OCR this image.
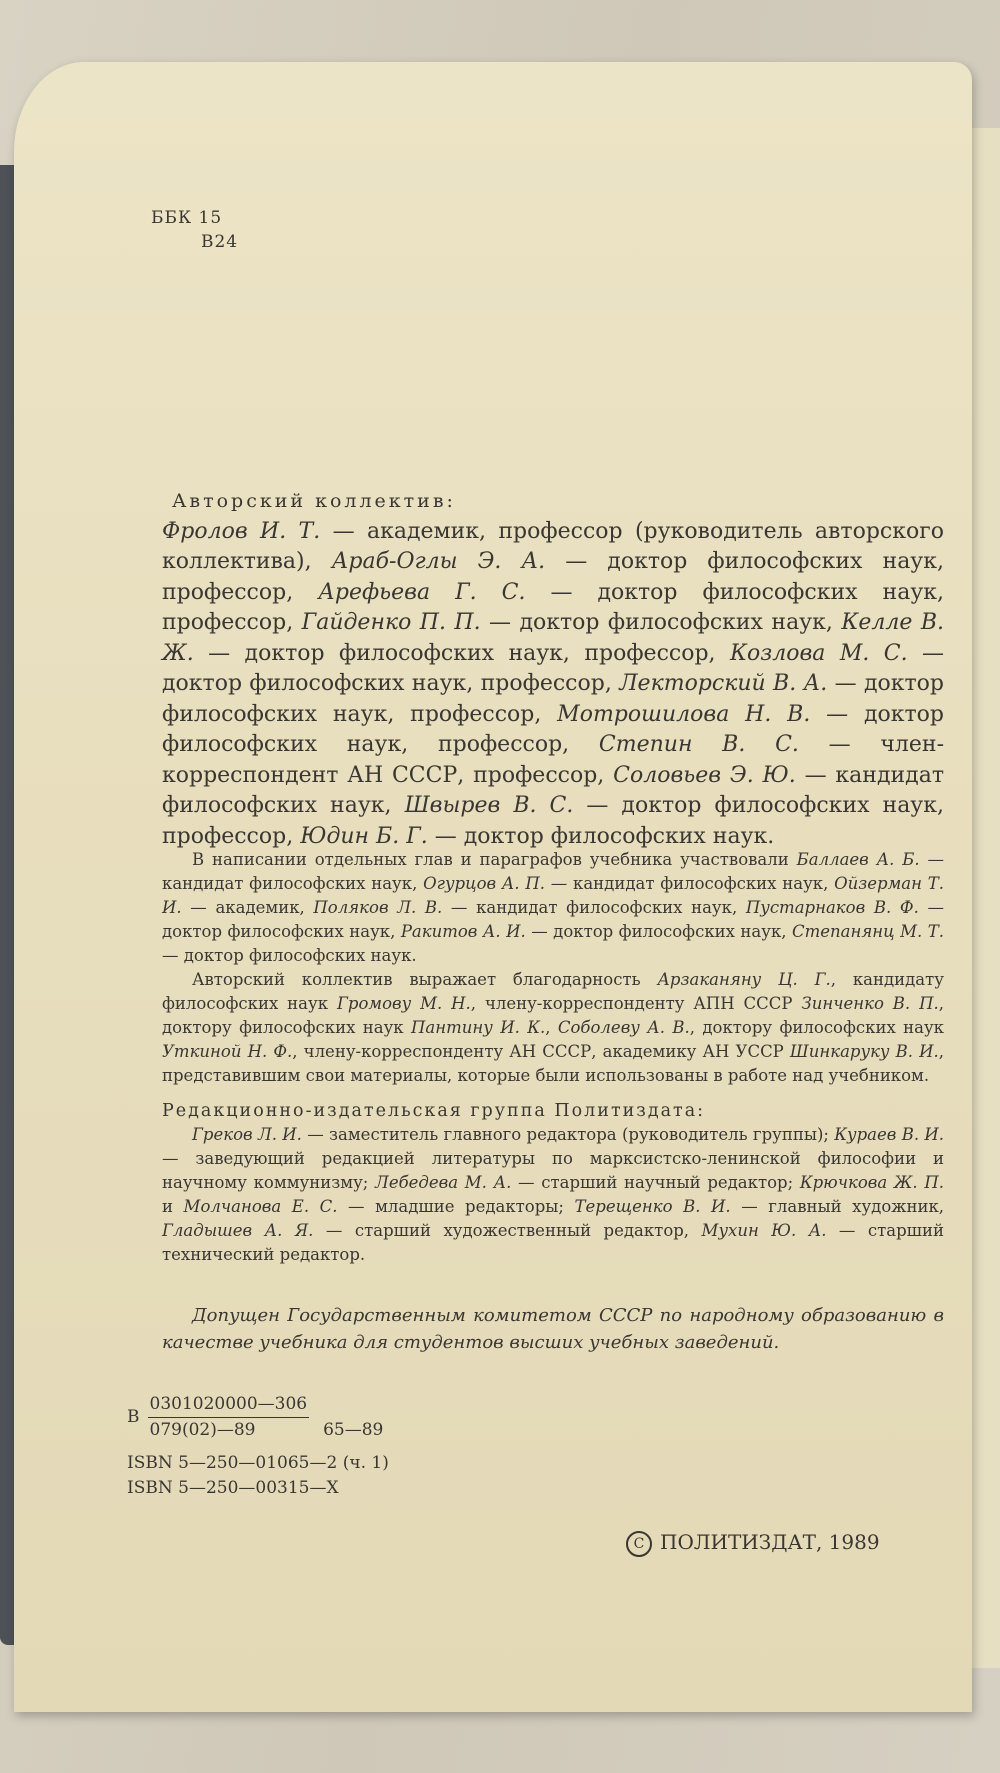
ББК 15
В24
Авторский коллектив:
Фролов И. Т. — академик, профессор (руководитель авторского коллектива), Араб-Оглы Э. А. — доктор философских наук, профессор, Арефьева Г. С. — доктор философских наук, профессор, Гайденко П. П. — доктор философских наук, Келле В. Ж. — доктор философских наук, профессор, Козлова М. С. — доктор философских наук, профессор, Лекторский В. А. — доктор философских наук, профессор, Мотрошилова Н. В. — доктор философских наук, профессор, Степин В. С. — член-корреспондент АН СССР, профессор, Соловьев Э. Ю. — кандидат философских наук, Швырев В. С. — доктор философских наук, профессор, Юдин Б. Г. — доктор философских наук.

В написании отдельных глав и параграфов учебника участвовали Баллаев А. Б. — кандидат философских наук, Огурцов А. П. — кандидат философских наук, Ойзерман Т. И. — академик, Поляков Л. В. — кандидат философских наук, Пустарнаков В. Ф. — доктор философских наук, Ракитов А. И. — доктор философских наук, Степанянц М. Т. — доктор философских наук.

Авторский коллектив выражает благодарность Арзаканяну Ц. Г., кандидату философских наук Громову М. Н., члену-корреспонденту АПН СССР Зинченко В. П., доктору философских наук Пантину И. К., Соболеву А. В., доктору философских наук Уткиной Н. Ф., члену-корреспонденту АН СССР, академику АН УССР Шинкаруку В. И., представившим свои материалы, которые были использованы в работе над учебником.

Редакционно-издательская группа Политиздата:
Греков Л. И. — заместитель главного редактора (руководитель группы); Кураев В. И. — заведующий редакцией литературы по марксистско-ленинской философии и научному коммунизму; Лебедева М. А. — старший научный редактор; Крючкова Ж. П. и Молчанова Е. С. — младшие редакторы; Терещенко В. И. — главный художник, Гладышев А. Я. — старший художественный редактор, Мухин Ю. А. — старший технический редактор.

Допущен Государственным комитетом СССР по народному образованию в качестве учебника для студентов высших учебных заведений.

В $\frac{0301020000—306}{079(02)—89}$ 65—89
ISBN 5—250—01065—2 (ч. 1)
ISBN 5—250—00315—Х
C ПОЛИТИЗДАТ, 1989
